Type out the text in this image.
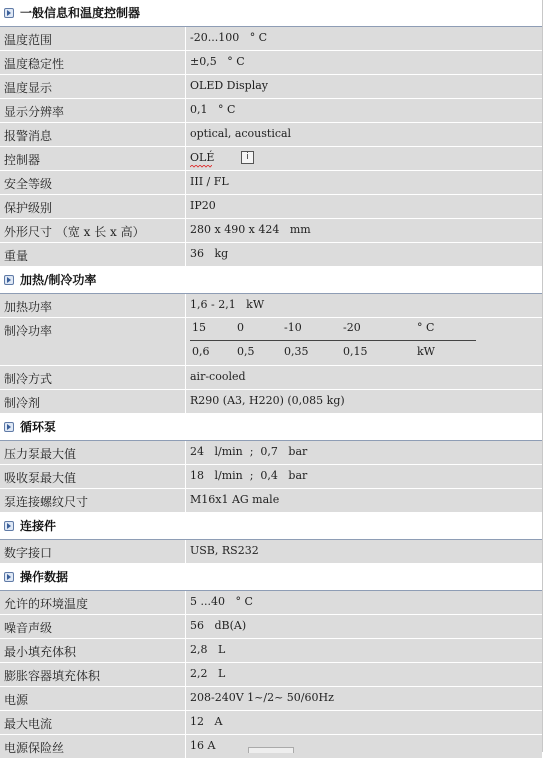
一般信息和温度控制器
温度范围	-20...100   ° C
温度稳定性	±0,5   ° C
温度显示	OLED Display
显示分辨率	0,1   ° C
报警消息	optical, acoustical
控制器	OLÉ	i
安全等级	III / FL
保护级别	IP20
外形尺寸 （宽 x 长 x 高）	280 x 490 x 424   mm
重量	36   kg
加热/制冷功率
加热功率	1,6 - 2,1   kW
制冷功率	15	0	-10	-20	° C
0,6	0,5	0,35	0,15	kW
制冷方式	air-cooled
制冷剂	R290 (A3, H220) (0,085 kg)
循环泵
压力泵最大值	24   l/min  ;  0,7   bar
吸收泵最大值	18   l/min  ;  0,4   bar
泵连接螺纹尺寸	M16x1 AG male
连接件
数字接口	USB, RS232
操作数据
允许的环境温度	5 ...40   ° C
噪音声级	56   dB(A)
最小填充体积	2,8   L
膨胀容器填充体积	2,2   L
电源	208-240V 1~/2~ 50/60Hz
最大电流	12   A
电源保险丝	16 A
